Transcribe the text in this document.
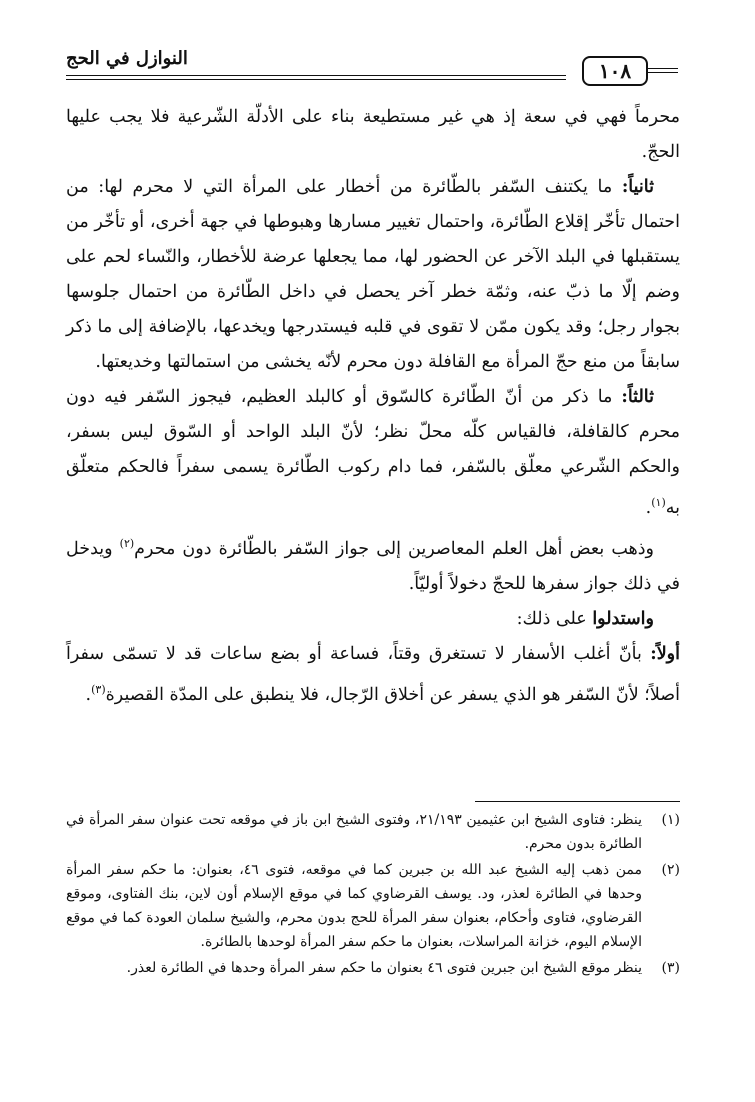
النوازل في الحج
١٠٨

محرماً فهي في سعة إذ هي غير مستطيعة بناء على الأدلّة الشّرعية فلا يجب عليها الحجّ.

ثانياً: ما يكتنف السّفر بالطّائرة من أخطار على المرأة التي لا محرم لها: من احتمال تأخّر إقلاع الطّائرة، واحتمال تغيير مسارها وهبوطها في جهة أخرى، أو تأخّر من يستقبلها في البلد الآخر عن الحضور لها، مما يجعلها عرضة للأخطار، والنّساء لحم على وضم إلّا ما ذبّ عنه، وثمّة خطر آخر يحصل في داخل الطّائرة من احتمال جلوسها بجوار رجل؛ وقد يكون ممّن لا تقوى في قلبه فيستدرجها ويخدعها، بالإضافة إلى ما ذكر سابقاً من منع حجّ المرأة مع القافلة دون محرم لأنّه يخشى من استمالتها وخديعتها.

ثالثاً: ما ذكر من أنّ الطّائرة كالسّوق أو كالبلد العظيم، فيجوز السّفر فيه دون محرم كالقافلة، فالقياس كلّه محلّ نظر؛ لأنّ البلد الواحد أو السّوق ليس بسفر، والحكم الشّرعي معلّق بالسّفر، فما دام ركوب الطّائرة يسمى سفراً فالحكم متعلّق به$^{(١)}$.

وذهب بعض أهل العلم المعاصرين إلى جواز السّفر بالطّائرة دون محرم$^{(٢)}$ ويدخل في ذلك جواز سفرها للحجّ دخولاً أوليّاً.

واستدلوا على ذلك:

أولاً: بأنّ أغلب الأسفار لا تستغرق وقتاً، فساعة أو بضع ساعات قد لا تسمّى سفراً أصلاً؛ لأنّ السّفر هو الذي يسفر عن أخلاق الرّجال، فلا ينطبق على المدّة القصيرة$^{(٣)}$.

(١)
ينظر: فتاوى الشيخ ابن عثيمين ٢١/١٩٣، وفتوى الشيخ ابن باز في موقعه تحت عنوان سفر المرأة في الطائرة بدون محرم.
(٢)
ممن ذهب إليه الشيخ عبد الله بن جبرين كما في موقعه، فتوى ٤٦، بعنوان: ما حكم سفر المرأة وحدها في الطائرة لعذر، ود. يوسف القرضاوي كما في موقع الإسلام أون لاين، بنك الفتاوى، وموقع القرضاوي، فتاوى وأحكام، بعنوان سفر المرأة للحج بدون محرم، والشيخ سلمان العودة كما في موقع الإسلام اليوم، خزانة المراسلات، بعنوان ما حكم سفر المرأة لوحدها بالطائرة.
(٣)
ينظر موقع الشيخ ابن جبرين فتوى ٤٦ بعنوان ما حكم سفر المرأة وحدها في الطائرة لعذر.
